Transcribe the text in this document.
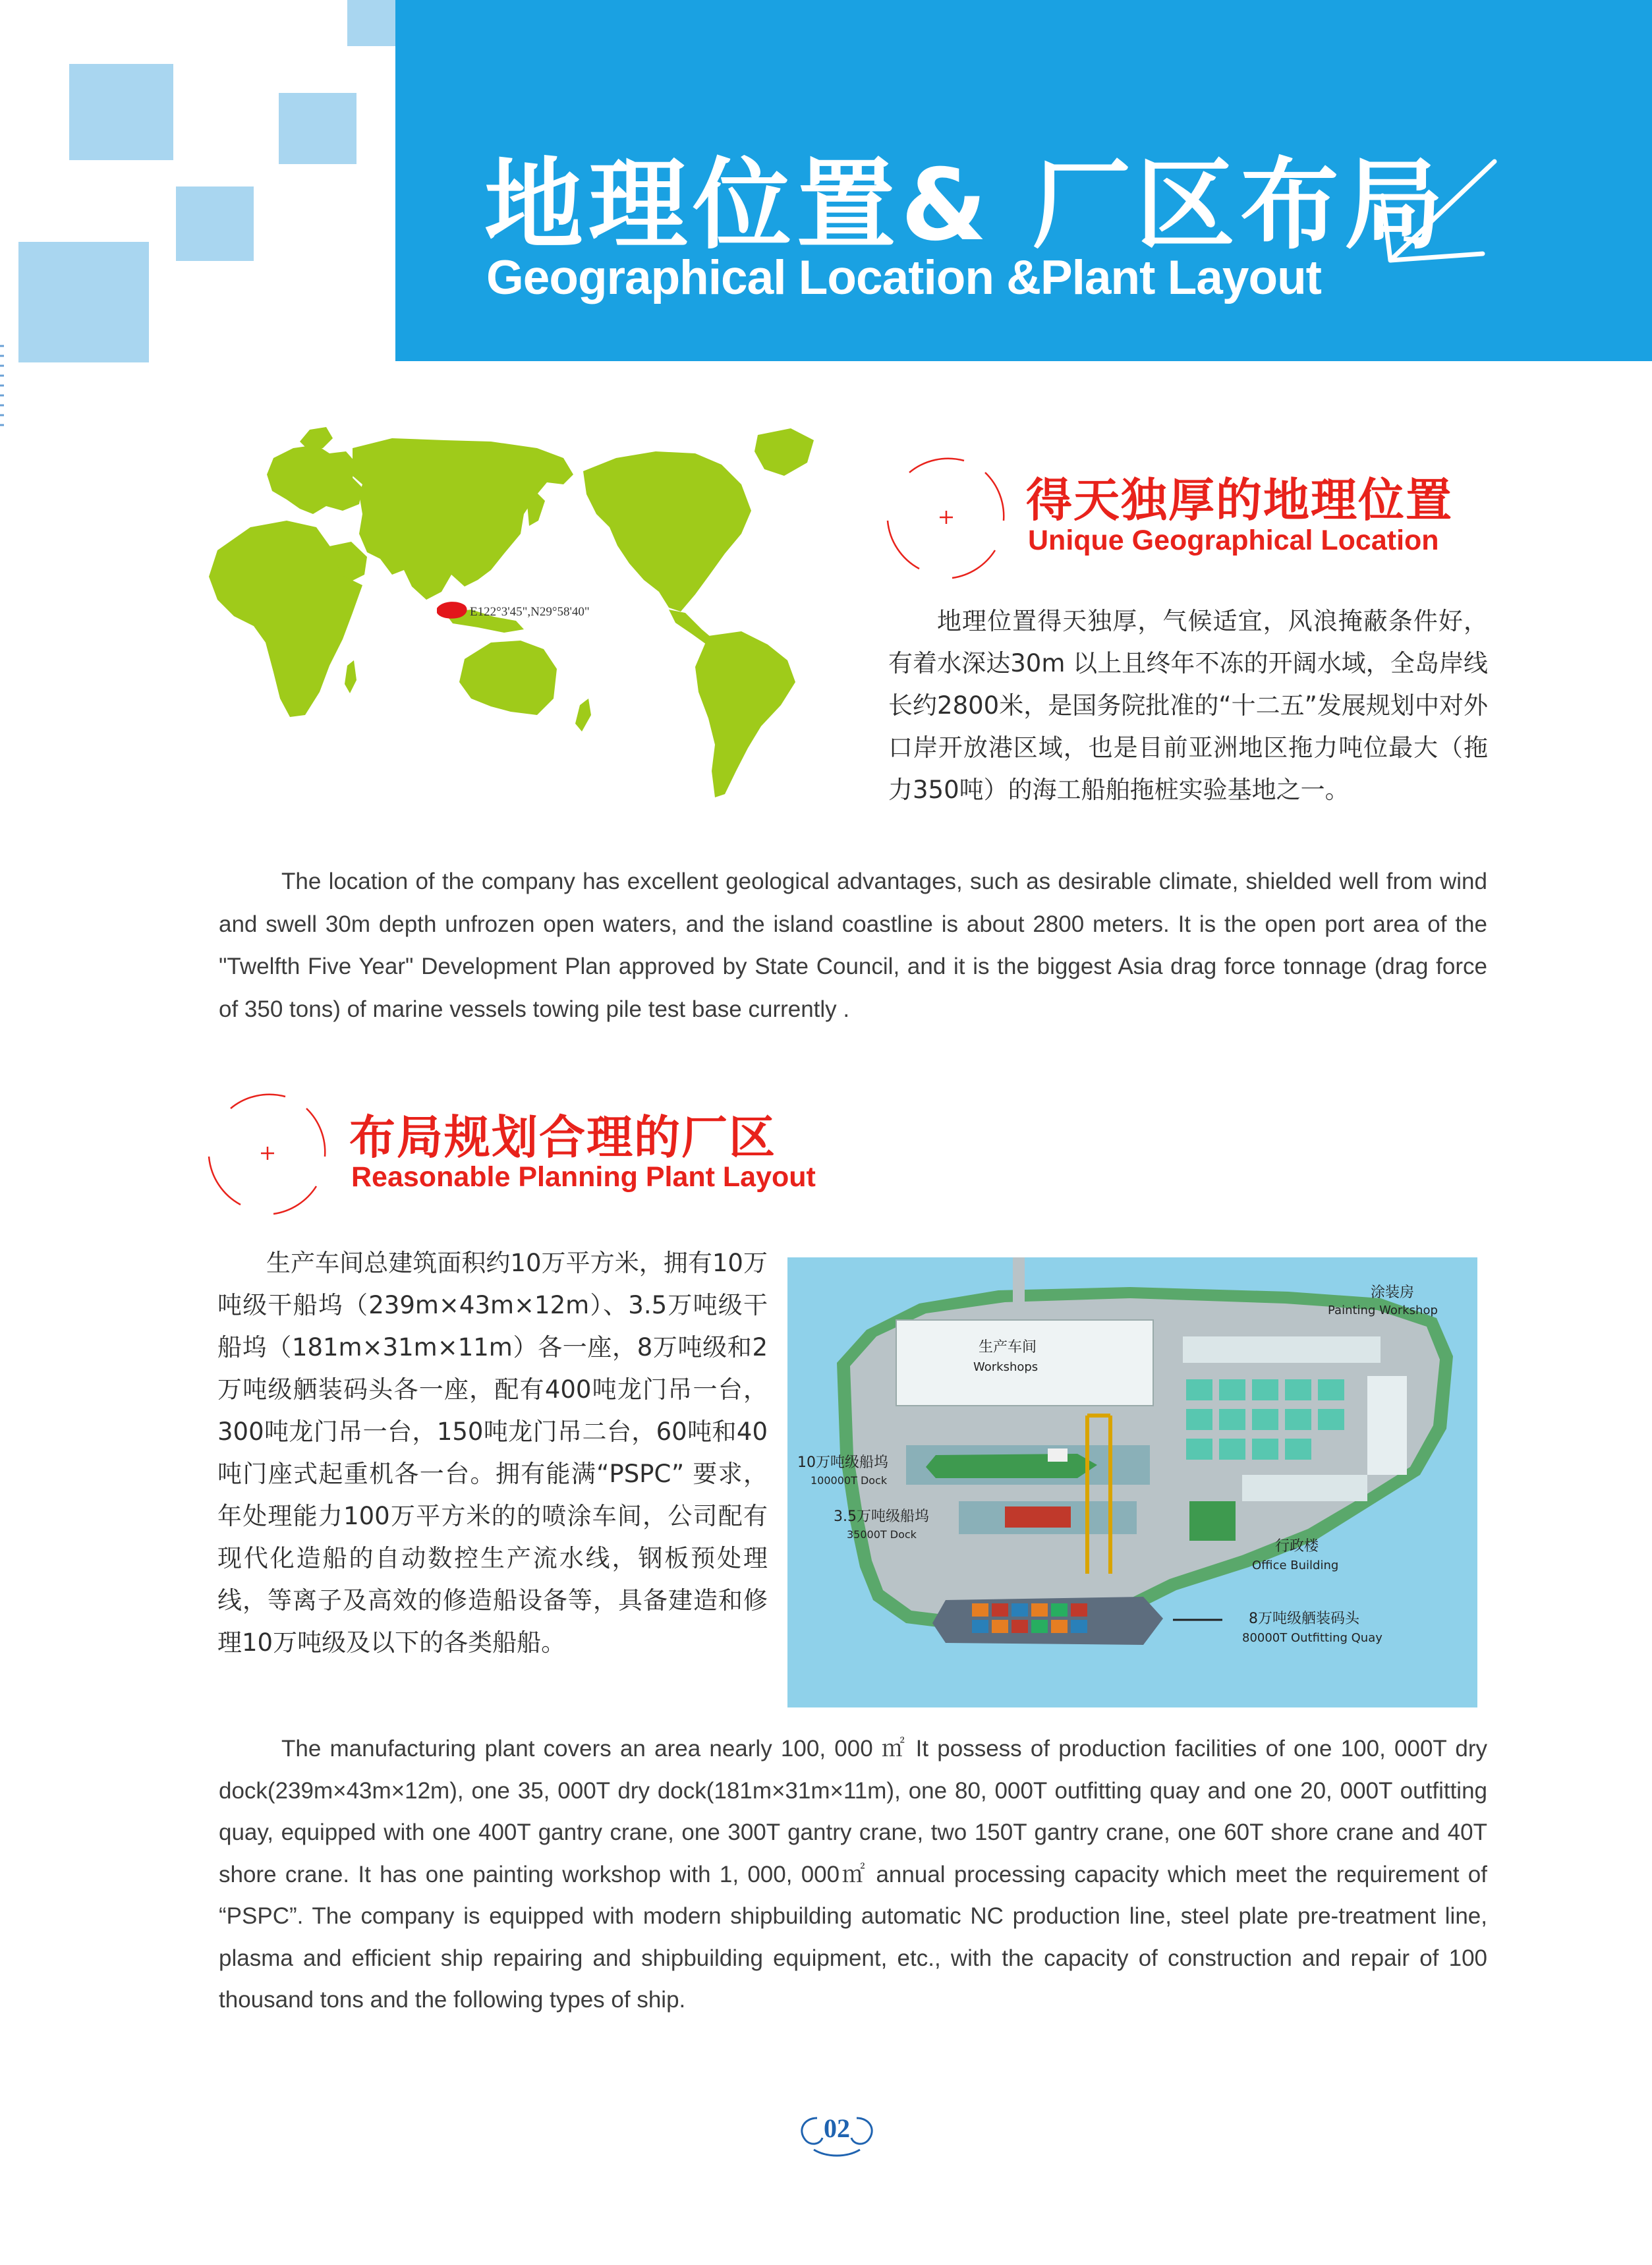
地理位置& 厂区布局
Geographical Location &Plant Layout
E122°3'45",N29°58'40"
得天独厚的地理位置
Unique Geographical Location
地理位置得天独厚，气候适宜，风浪掩蔽条件好，有着水深达30m 以上且终年不冻的开阔水域，全岛岸线长约2800米，是国务院批准的“十二五”发展规划中对外口岸开放港区域，也是目前亚洲地区拖力吨位最大（拖力350吨）的海工船舶拖桩实验基地之一。
The location of the company has excellent geological advantages, such as desirable climate, shielded well from wind and swell 30m depth unfrozen open waters, and the island coastline is about 2800 meters. It is the open port area of the "Twelfth Five Year" Development Plan approved by State Council, and it is the biggest Asia drag force tonnage (drag force of 350 tons) of marine vessels towing pile test base currently .
布局规划合理的厂区
Reasonable Planning Plant Layout
生产车间总建筑面积约10万平方米，拥有10万吨级干船坞（239m×43m×12m）、3.5万吨级干船坞（181m×31m×11m）各一座，8万吨级和2万吨级舾装码头各一座，配有400吨龙门吊一台，300吨龙门吊一台，150吨龙门吊二台，60吨和40吨门座式起重机各一台。拥有能满“PSPC” 要求，年处理能力100万平方米的的喷涂车间，公司配有现代化造船的自动数控生产流水线，钢板预处理线，等离子及高效的修造船设备等，具备建造和修理10万吨级及以下的各类船船。
生产车间
Workshops
涂装房
Painting Workshop
10万吨级船坞
100000T Dock
3.5万吨级船坞
35000T Dock
行政楼
Office Building
8万吨级舾装码头
80000T Outfitting Quay
The manufacturing plant covers an area nearly 100, 000 ㎡ It possess of production facilities of one 100, 000T dry dock(239m×43m×12m), one 35, 000T dry dock(181m×31m×11m), one 80, 000T outfitting quay and one 20, 000T outfitting quay, equipped with one 400T gantry crane, one 300T gantry crane, two 150T gantry crane, one 60T shore crane and 40T shore crane. It has one painting workshop with 1, 000, 000㎡ annual processing capacity which meet the requirement of “PSPC”. The company is equipped with modern shipbuilding automatic NC production line, steel plate pre-treatment line, plasma and efficient ship repairing and shipbuilding equipment, etc., with the capacity of construction and repair of 100 thousand tons and the following types of ship.
02
